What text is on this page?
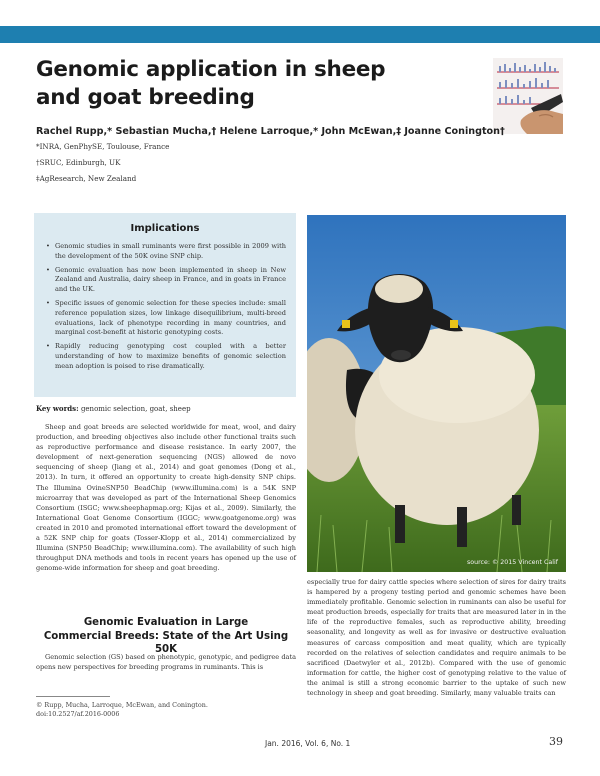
Genomic application in sheep
and goat breeding

Rachel Rupp,* Sebastian Mucha,† Helene Larroque,* John McEwan,‡ Joanne Conington†

*INRA, GenPhySE, Toulouse, France

†SRUC, Edinburgh, UK

‡AgResearch, New Zealand

Implications
• Genomic studies in small ruminants were first possible in 2009 with the development of the 50K ovine SNP chip.
• Genomic evaluation has now been implemented in sheep in New Zealand and Australia, dairy sheep in France, and in goats in France and the UK.
• Specific issues of genomic selection for these species include: small reference population sizes, low linkage disequilibrium, multi-breed evaluations, lack of phenotype recording in many countries, and marginal cost-benefit at historic genotyping costs.
• Rapidly reducing genotyping cost coupled with a better understanding of how to maximize benefits of genomic selection mean adoption is poised to rise dramatically.

Key words: genomic selection, goat, sheep

Sheep and goat breeds are selected worldwide for meat, wool, and dairy production, and breeding objectives also include other functional traits such as reproductive performance and disease resistance. In early 2007, the development of next-generation sequencing (NGS) allowed de novo sequencing of sheep (Jiang et al., 2014) and goat genomes (Dong et al., 2013). In turn, it offered an opportunity to create high-density SNP chips. The Illumina OvineSNP50 BeadChip (www.illumina.com) is a 54K SNP microarray that was developed as part of the International Sheep Genomics Consortium (ISGC; www.sheephapmap.org; Kijas et al., 2009). Similarly, the International Goat Genome Consortium (IGGC; www.goatgenome.org) was created in 2010 and promoted international effort toward the development of a 52K SNP chip for goats (Tosser-Klopp et al., 2014) commercialized by Illumina (SNP50 BeadChip; www.illumina.com). The availability of such high throughput DNA methods and tools in recent years has opened up the use of genome-wide information for sheep and goat breeding.

Genomic Evaluation in Large
Commercial Breeds: State of the Art Using 50K

Genomic selection (GS) based on phenotypic, genotypic, and pedigree data opens new perspectives for breeding programs in ruminants. This is

© Rupp, Mucha, Larroque, McEwan, and Conington.

doi:10.2527/af.2016-0006

source: © 2015 Vincent Calif

especially true for dairy cattle species where selection of sires for dairy traits is hampered by a progeny testing period and genomic schemes have been immediately profitable. Genomic selection in ruminants can also be useful for meat production breeds, especially for traits that are measured later in in the life of the reproductive females, such as reproductive ability, breeding seasonality, and longevity as well as for invasive or destructive evaluation measures of carcass composition and meat quality, which are typically recorded on the relatives of selection candidates and require animals to be sacrificed (Daetwyler et al., 2012b). Compared with the use of genomic information for cattle, the higher cost of genotyping relative to the value of the animal is still a strong economic barrier to the uptake of such new technology in sheep and goat breeding. Similarly, many valuable traits can

Jan. 2016, Vol. 6, No. 1	39
